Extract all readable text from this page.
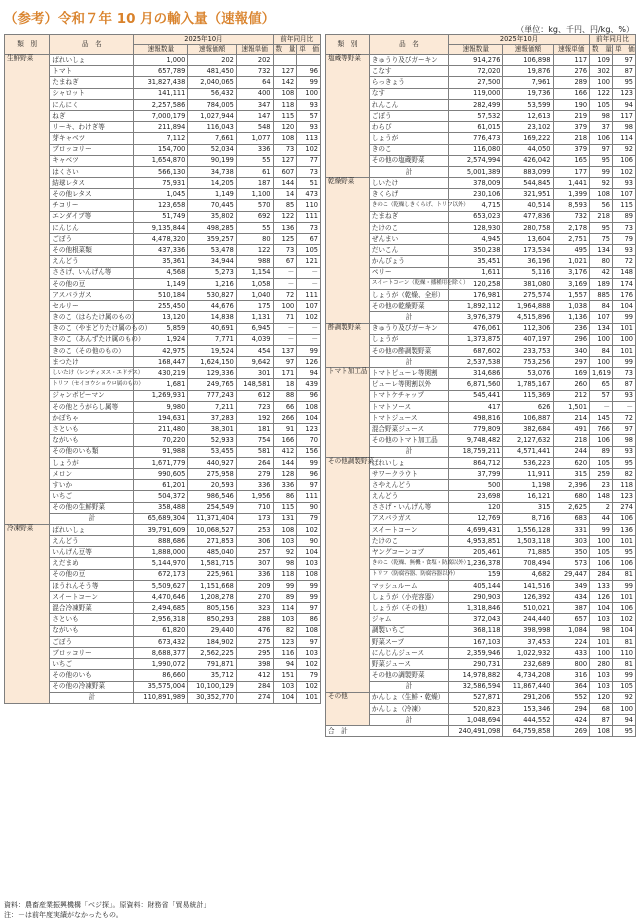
（参考）令和７年 10 月の輸入量（速報値）
（単位：kg、千円、円/kg、%）
類　別	品　名	2025年10月			前年同月比	
		速報数量	速報価額	速報単価	数　量	単　価
生鮮野菜	ばれいしょ	1,000	202	202		
	トマト	657,789	481,450	732	127	96
	たまねぎ	31,827,438	2,040,065	64	142	99
	シャロット	141,111	56,432	400	108	100
	にんにく	2,257,586	784,005	347	118	93
	ねぎ	7,000,179	1,027,944	147	115	57
	リーキ、わけぎ等	211,894	116,043	548	120	93
	芽キャベツ	7,112	7,661	1,077	108	113
	ブロッコリー	154,700	52,034	336	73	102
	キャベツ	1,654,870	90,199	55	127	77
	はくさい	566,130	34,738	61	607	73
	結球レタス	75,931	14,205	187	144	51
	その他レタス	1,045	1,149	1,100	14	473
	チコリー	123,658	70,445	570	85	110
	エンダイブ等	51,749	35,802	692	122	111
	にんじん	9,135,844	498,285	55	136	73
	ごぼう	4,478,320	359,257	80	125	67
	その他根菜類	437,336	53,478	122	73	105
	えんどう	35,361	34,944	988	67	121
	ささげ、いんげん等	4,568	5,273	1,154	－	－
	その他の豆	1,149	1,216	1,058	－	－
	アスパラガス	510,184	530,827	1,040	72	111
	セルリー	255,450	44,676	175	100	107
	きのこ（はらたけ属のもの）	13,120	14,838	1,131	71	102
	きのこ（やまどりたけ属のもの）	5,859	40,691	6,945	－	－
	きのこ（あんずたけ属のもの）	1,924	7,771	4,039	－	－
	きのこ（その他のもの）	42,975	19,524	454	137	99
	まつたけ	168,447	1,624,150	9,642	97	126
	しいたけ（レンティヌス・エドデス）	430,219	129,336	301	171	94
	トリフ（セイヨウショウロ属のもの）	1,681	249,765	148,581	18	439
	ジャンボピーマン	1,269,931	777,243	612	88	96
	その他とうがらし属等	9,980	7,211	723	66	108
	かぼちゃ	194,631	37,283	192	266	104
	さといも	211,480	38,301	181	91	123
	ながいも	70,220	52,933	754	166	70
	その他のいも類	91,988	53,455	581	412	156
	しょうが	1,671,779	440,927	264	144	99
	メロン	990,605	275,958	279	128	96
	すいか	61,201	20,593	336	336	97
	いちご	504,372	986,546	1,956	86	111
	その他の生鮮野菜	358,488	254,549	710	115	90
	計	65,689,304	11,371,404	173	131	79
冷凍野菜	ばれいしょ	39,791,609	10,068,527	253	108	102
	えんどう	888,686	271,853	306	103	90
	いんげん豆等	1,888,000	485,040	257	92	104
	えだまめ	5,144,970	1,581,715	307	98	103
	その他の豆	672,173	225,961	336	118	108
	ほうれんそう等	5,509,627	1,151,668	209	99	99
	スイートコーン	4,470,646	1,208,278	270	89	99
	混合冷凍野菜	2,494,685	805,156	323	114	97
	さといも	2,956,318	850,293	288	103	86
	ながいも	61,820	29,440	476	82	108
	ごぼう	673,432	184,902	275	123	97
	ブロッコリー	8,688,377	2,562,225	295	116	103
	いちご	1,990,072	791,871	398	94	102
	その他のいも	86,660	35,712	412	151	79
	その他の冷凍野菜	35,575,004	10,100,129	284	103	102
	計	110,891,989	30,352,770	274	104	101
類　別	品　名	2025年10月			前年同月比	
		速報数量	速報価額	速報単価	数　量	単　価
塩蔵等野菜	きゅうり及びガーキン	914,276	106,898	117	109	97
	こなす	72,020	19,876	276	302	87
	らっきょう	27,500	7,961	289	100	95
	なす	119,000	19,736	166	122	123
	れんこん	282,499	53,599	190	105	94
	ごぼう	57,532	12,613	219	98	117
	わらび	61,015	23,102	379	37	98
	しょうが	776,473	169,222	218	106	114
	きのこ	116,080	44,050	379	97	92
	その他の塩蔵野菜	2,574,994	426,042	165	95	106
	計	5,001,389	883,099	177	99	102
乾燥野菜	しいたけ	378,009	544,845	1,441	92	93
	きくらげ	230,106	321,951	1,399	108	107
	きのこ（乾燥しきくらげ、トリフ以外）	4,715	40,514	8,593	56	115
	たまねぎ	653,023	477,836	732	218	89
	たけのこ	128,930	280,758	2,178	95	73
	ぜんまい	4,945	13,604	2,751	75	79
	だいこん	350,238	173,534	495	134	93
	かんぴょう	35,451	36,196	1,021	80	72
	ペリー	1,611	5,116	3,176	42	148
	スイートコーン（乾燥・播種用を除く）	120,258	381,080	3,169	189	174
	しょうが（乾燥、全形）	176,981	275,574	1,557	885	176
	その他の乾燥野菜	1,892,112	1,964,888	1,038	84	104
	計	3,976,379	4,515,896	1,136	107	99
酢調製野菜	きゅうり及びガーキン	476,061	112,306	236	134	101
	しょうが	1,373,875	407,197	296	100	100
	その他の酢調製野菜	687,602	233,753	340	84	101
	計	2,537,538	753,256	297	100	99
トマト加工品	トマトピューレ等関割	314,686	53,076	169	1,619	73
	ピューレ等関割以外	6,871,560	1,785,167	260	65	87
	トマトケチャップ	545,441	115,369	212	57	93
	トマトソース	417	626	1,501	－	－
	トマトジュース	498,816	106,887	214	145	72
	混合野菜ジュース	779,809	382,684	491	766	97
	その他のトマト加工品	9,748,482	2,127,632	218	106	98
	計	18,759,211	4,571,441	244	89	93
その他調製野菜	ばれいしょ	864,712	536,223	620	105	95
	サワークラウト	37,799	11,911	315	259	82
	さやえんどう	500	1,198	2,396	23	118
	えんどう	23,698	16,121	680	148	123
	ささげ・いんげん等	120	315	2,625	2	274
	アスパラガス	12,769	8,716	683	44	106
	スイートコーン	4,699,431	1,556,128	331	99	136
	たけのこ	4,953,851	1,503,118	303	100	101
	ヤングコーンコブ	205,461	71,885	350	105	95
	きのこ（乾燥、無機・食塩・防腐以外）	1,236,378	708,494	573	106	106
	トリフ（防腐容器、防腐容器以外）	159	4,682	29,447	284	81
	マッシュルーム	405,144	141,516	349	133	99
	しょうが（小売容器）	290,903	126,392	434	126	101
	しょうが（その他）	1,318,846	510,021	387	104	106
	ジャム	372,043	244,440	657	103	102
	調製いちご	368,118	398,998	1,084	98	104
	野菜スープ	167,103	37,453	224	101	81
	にんじんジュース	2,359,946	1,022,932	433	100	110
	野菜ジュース	290,731	232,689	800	280	81
	その他の調製野菜	14,978,882	4,734,208	316	103	99
	計	32,586,594	11,867,440	364	103	105
その他	かんしょ（生鮮・乾燥）	527,871	291,206	552	120	92
	かんしょ（冷凍）	520,823	153,346	294	68	100
	計	1,048,694	444,552	424	87	94
合　計		240,491,098	64,759,858	269	108	95
資料：農畜産業振興機構「ベジ探」。原資料：財務省「貿易統計」
注：－は前年度実績がなかったもの。
